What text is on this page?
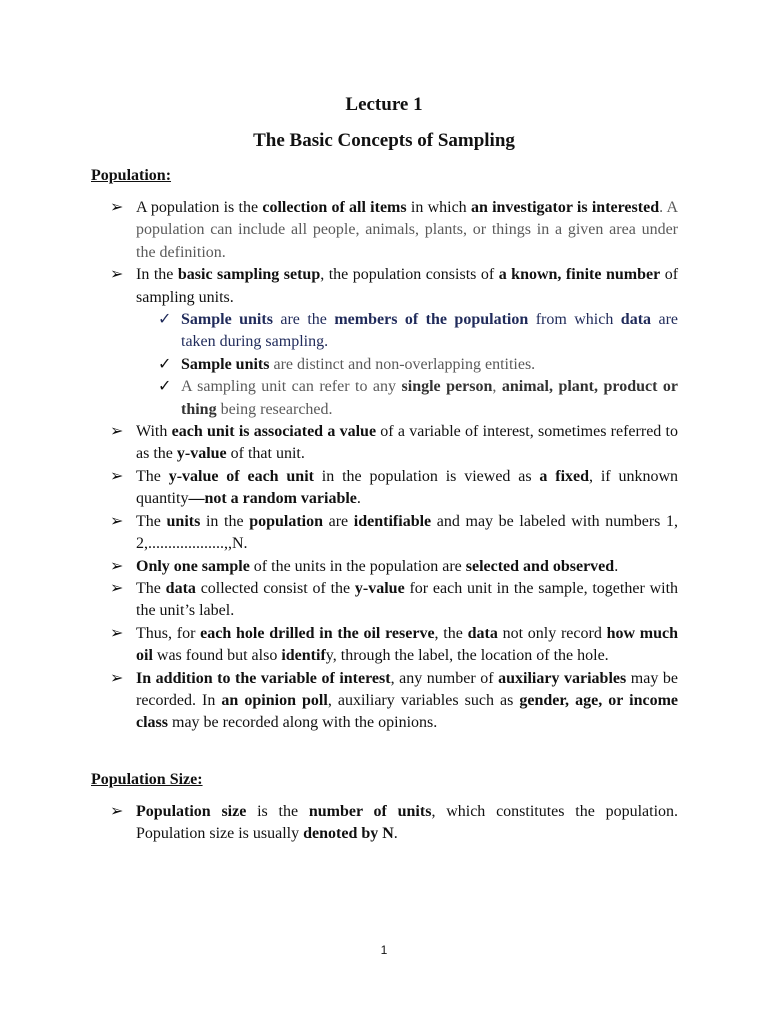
Lecture 1
The Basic Concepts of Sampling
Population:
➢ A population is the collection of all items in which an investigator is interested. A population can include all people, animals, plants, or things in a given area under the definition.
➢ In the basic sampling setup, the population consists of a known, finite number of sampling units.
✓ Sample units are the members of the population from which data are taken during sampling.
✓ Sample units are distinct and non-overlapping entities.
✓ A sampling unit can refer to any single person, animal, plant, product or thing being researched.
➢ With each unit is associated a value of a variable of interest, sometimes referred to as the y-value of that unit.
➢ The y-value of each unit in the population is viewed as a fixed, if unknown quantity—not a random variable.
➢ The units in the population are identifiable and may be labeled with numbers 1, 2,...................,,N.
➢ Only one sample of the units in the population are selected and observed.
➢ The data collected consist of the y-value for each unit in the sample, together with the unit’s label.
➢ Thus, for each hole drilled in the oil reserve, the data not only record how much oil was found but also identify, through the label, the location of the hole.
➢ In addition to the variable of interest, any number of auxiliary variables may be recorded. In an opinion poll, auxiliary variables such as gender, age, or income class may be recorded along with the opinions.
Population Size:
➢ Population size is the number of units, which constitutes the population. Population size is usually denoted by N.
1
